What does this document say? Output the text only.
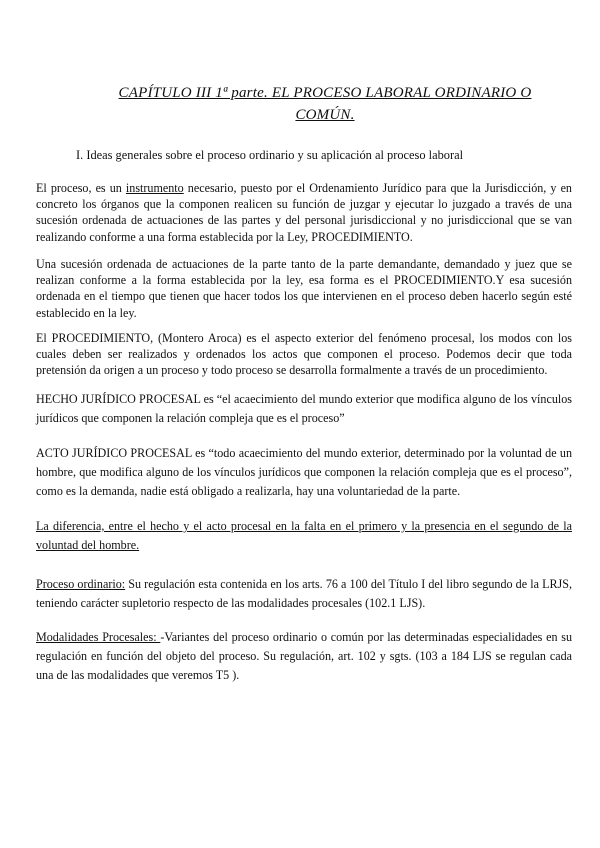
CAPÍTULO III 1ª parte. EL PROCESO LABORAL ORDINARIO O
COMÚN.
I. Ideas generales sobre el proceso ordinario y su aplicación al proceso laboral

El proceso, es un instrumento necesario, puesto por el Ordenamiento Jurídico para que la Jurisdicción, y en concreto los órganos que la componen realicen su función de juzgar y ejecutar lo juzgado a través de una sucesión ordenada de actuaciones de las partes y del personal jurisdiccional y no jurisdiccional que se van realizando conforme a una forma establecida por la Ley, PROCEDIMIENTO.

Una sucesión ordenada de actuaciones de la parte tanto de la parte demandante, demandado y juez que se realizan conforme a la forma establecida por la ley, esa forma es el PROCEDIMIENTO.Y esa sucesión ordenada en el tiempo que tienen que hacer todos los que intervienen en el proceso deben hacerlo según esté establecido en la ley.

El PROCEDIMIENTO, (Montero Aroca) es el aspecto exterior del fenómeno procesal, los modos con los cuales deben ser realizados y ordenados los actos que componen el proceso. Podemos decir que toda pretensión da origen a un proceso y todo proceso se desarrolla formalmente a través de un procedimiento.

HECHO JURÍDICO PROCESAL es “el acaecimiento del mundo exterior que modifica alguno de los vínculos jurídicos que componen la relación compleja que es el proceso”

ACTO JURÍDICO PROCESAL es “todo acaecimiento del mundo exterior, determinado por la voluntad de un hombre, que modifica alguno de los vínculos jurídicos que componen la relación compleja que es el proceso”, como es la demanda, nadie está obligado a realizarla, hay una voluntariedad de la parte.

La diferencia, entre el hecho y el acto procesal en la falta en el primero y la presencia en el segundo de la voluntad del hombre.

Proceso ordinario: Su regulación esta contenida en los arts. 76 a 100 del Título I del libro segundo de la LRJS, teniendo carácter supletorio respecto de las modalidades procesales (102.1 LJS).

Modalidades Procesales: -Variantes del proceso ordinario o común por las determinadas especialidades en su regulación en función del objeto del proceso. Su regulación, art. 102 y sgts. (103 a 184 LJS se regulan cada una de las modalidades que veremos T5 ).
